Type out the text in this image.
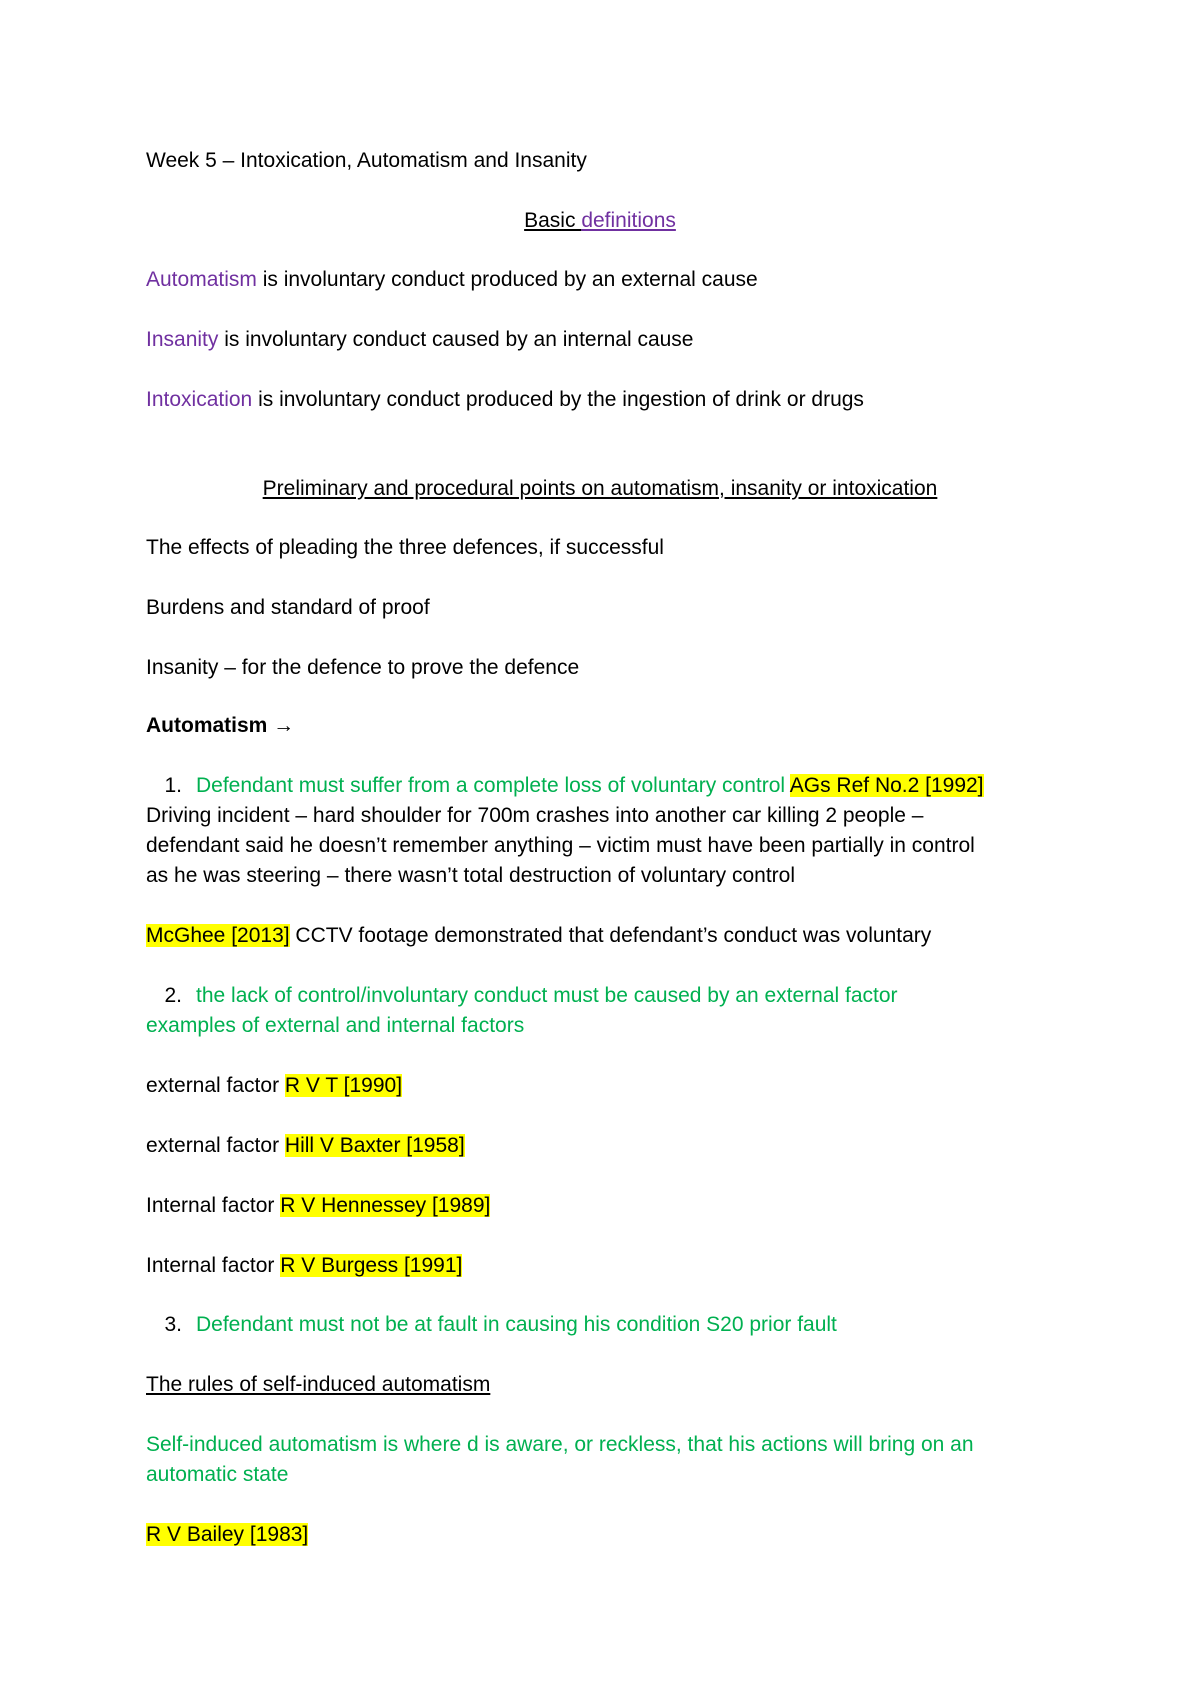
Week 5 – Intoxication, Automatism and Insanity

Basic definitions

Automatism is involuntary conduct produced by an external cause

Insanity is involuntary conduct caused by an internal cause

Intoxication is involuntary conduct produced by the ingestion of drink or drugs

Preliminary and procedural points on automatism, insanity or intoxication

The effects of pleading the three defences, if successful

Burdens and standard of proof

Insanity – for the defence to prove the defence

Automatism →

1. Defendant must suffer from a complete loss of voluntary control AGs Ref No.2 [1992]

Driving incident – hard shoulder for 700m crashes into another car killing 2 people –

defendant said he doesn’t remember anything – victim must have been partially in control

as he was steering – there wasn’t total destruction of voluntary control

McGhee [2013] CCTV footage demonstrated that defendant’s conduct was voluntary

2. the lack of control/involuntary conduct must be caused by an external factor

examples of external and internal factors

external factor R V T [1990]

external factor Hill V Baxter [1958]

Internal factor R V Hennessey [1989]

Internal factor R V Burgess [1991]

3. Defendant must not be at fault in causing his condition S20 prior fault

The rules of self-induced automatism

Self-induced automatism is where d is aware, or reckless, that his actions will bring on an

automatic state

R V Bailey [1983]
